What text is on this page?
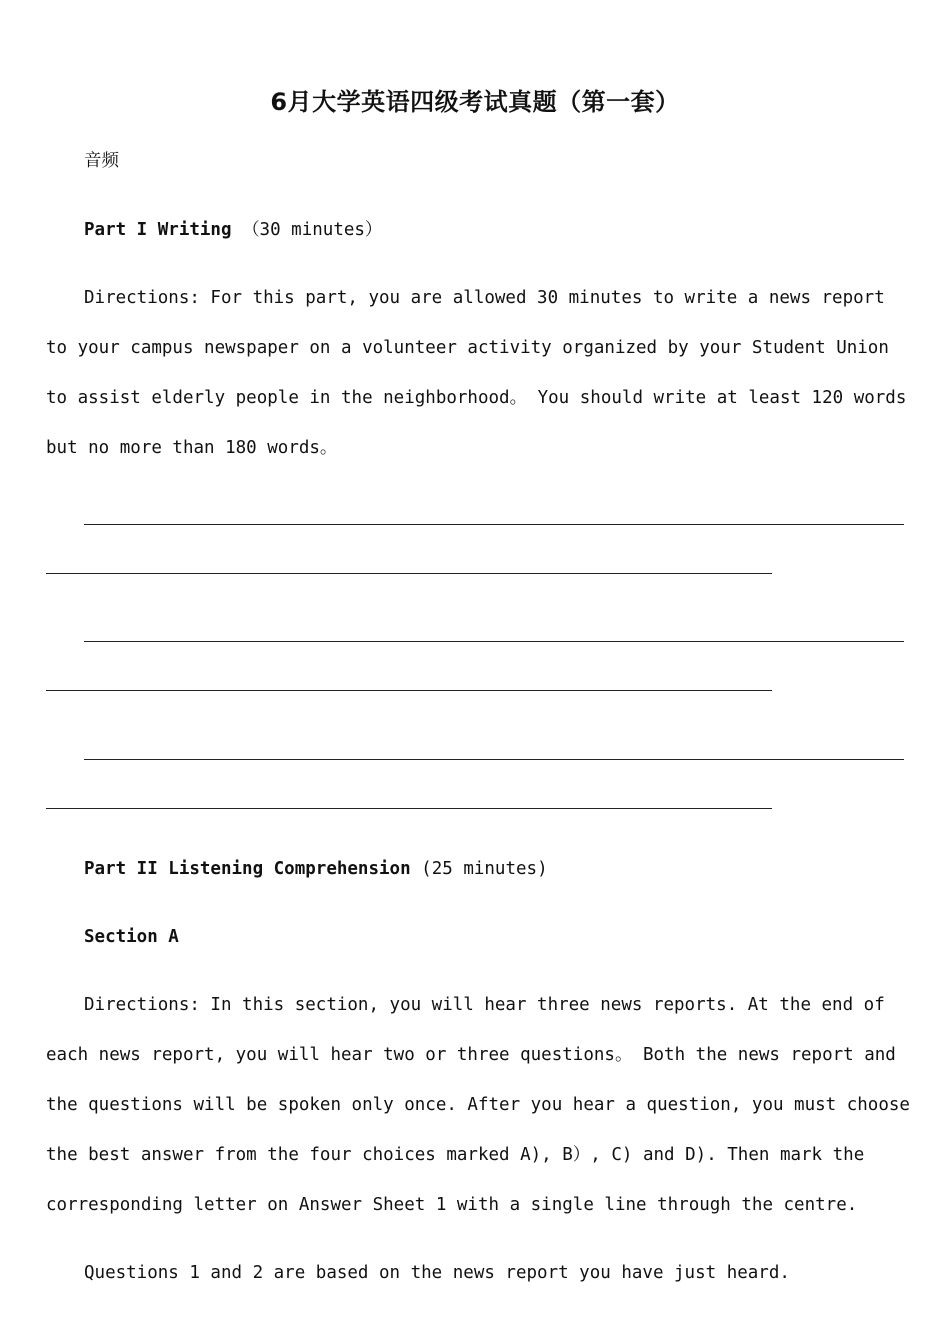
6月大学英语四级考试真题（第一套）
音频
Part I Writing （30 minutes）
Directions: For this part, you are allowed 30 minutes to write a news report
to your campus newspaper on a volunteer activity organized by your Student Union
to assist elderly people in the neighborhood。 You should write at least 120 words
but no more than 180 words。
Part II Listening Comprehension (25 minutes)
Section A
Directions: In this section, you will hear three news reports. At the end of
each news report, you will hear two or three questions。 Both the news report and
the questions will be spoken only once. After you hear a question, you must choose
the best answer from the four choices marked A), B）, C) and D). Then mark the
corresponding letter on Answer Sheet 1 with a single line through the centre.
Questions 1 and 2 are based on the news report you have just heard.
